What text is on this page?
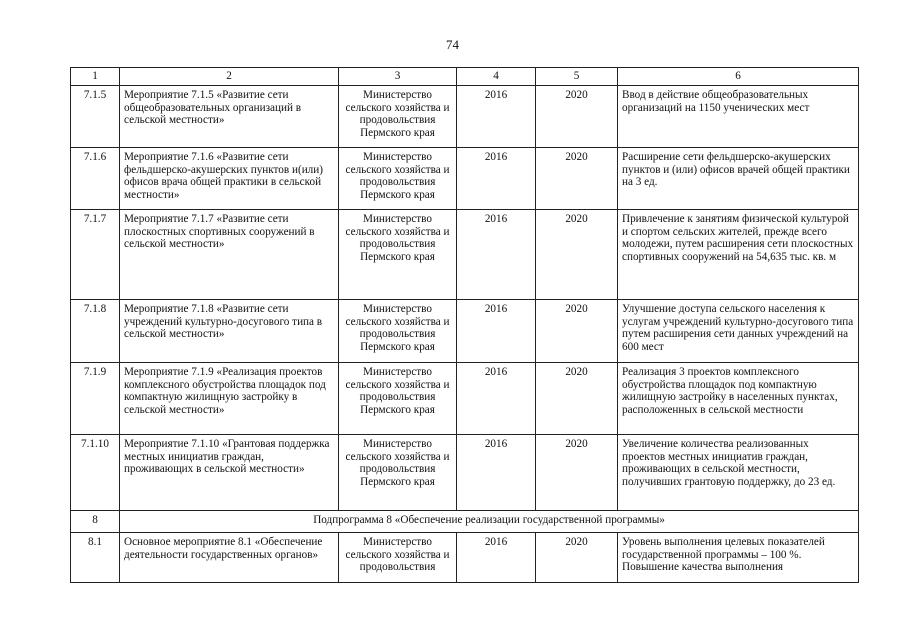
74
1	2	3	4	5	6
7.1.5	Мероприятие 7.1.5 «Развитие сети общеобразовательных организаций в сельской местности»	Министерство сельского хозяйства и продовольствия Пермского края	2016	2020	Ввод в действие общеобразовательных организаций на 1150 ученических мест
7.1.6	Мероприятие 7.1.6 «Развитие сети фельдшерско-акушерских пунктов и(или) офисов врача общей практики в сельской местности»	Министерство сельского хозяйства и продовольствия Пермского края	2016	2020	Расширение сети фельдшерско-акушерских пунктов и (или) офисов врачей общей практики на 3 ед.
7.1.7	Мероприятие 7.1.7 «Развитие сети плоскостных спортивных сооружений в сельской местности»	Министерство сельского хозяйства и продовольствия Пермского края	2016	2020	Привлечение к занятиям физической культурой и спортом сельских жителей, прежде всего молодежи, путем расширения сети плоскостных спортивных сооружений на 54,635 тыс. кв. м
7.1.8	Мероприятие 7.1.8 «Развитие сети учреждений культурно-досугового типа в сельской местности»	Министерство сельского хозяйства и продовольствия Пермского края	2016	2020	Улучшение доступа сельского населения к услугам учреждений культурно-досугового типа путем расширения сети данных учреждений на 600 мест
7.1.9	Мероприятие 7.1.9 «Реализация проектов комплексного обустройства площадок под компактную жилищную застройку в сельской местности»	Министерство сельского хозяйства и продовольствия Пермского края	2016	2020	Реализация 3 проектов комплексного обустройства площадок под компактную жилищную застройку в населенных пунктах, расположенных в сельской местности
7.1.10	Мероприятие 7.1.10 «Грантовая поддержка местных инициатив граждан, проживающих в сельской местности»	Министерство сельского хозяйства и продовольствия Пермского края	2016	2020	Увеличение количества реализованных проектов местных инициатив граждан, проживающих в сельской местности, получивших грантовую поддержку, до 23 ед.
8	Подпрограмма 8 «Обеспечение реализации государственной программы»				
8.1	Основное мероприятие 8.1 «Обеспечение деятельности государственных органов»	Министерство сельского хозяйства и продовольствия	2016	2020	Уровень выполнения целевых показателей государственной программы – 100 %. Повышение качества выполнения
